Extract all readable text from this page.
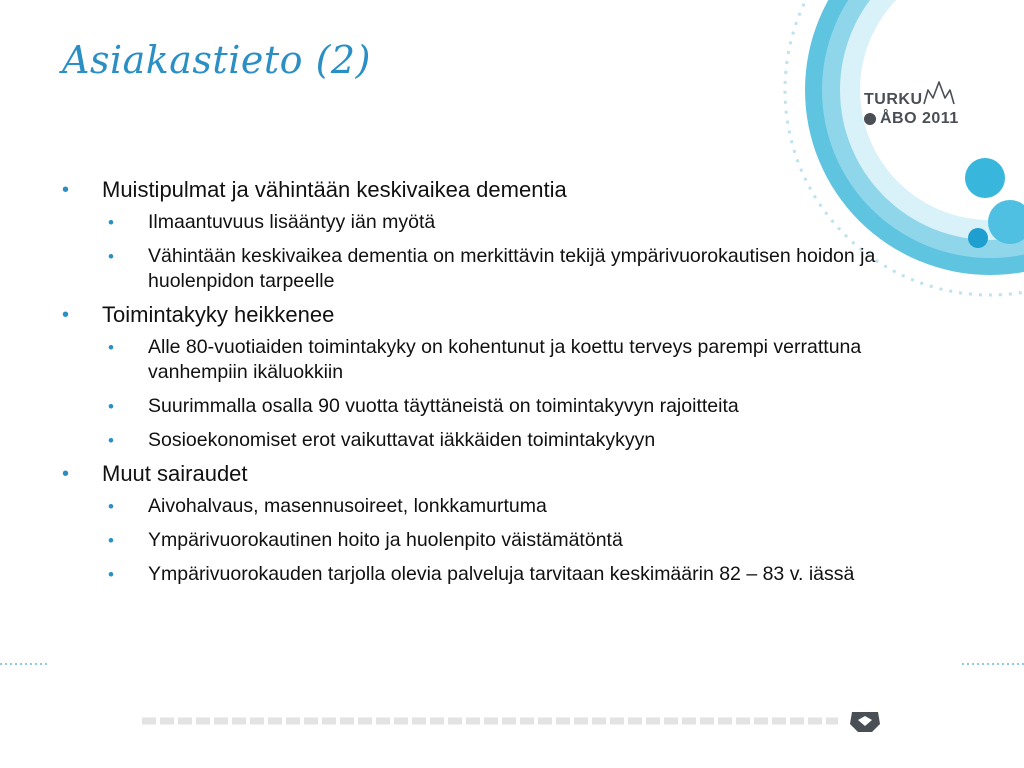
Asiakastieto (2)
TURKU
ÅBO 2011
• Muistipulmat ja vähintään keskivaikea dementia
• Ilmaantuvuus lisääntyy iän myötä
• Vähintään keskivaikea dementia on merkittävin tekijä ympärivuorokautisen hoidon ja huolenpidon tarpeelle
• Toimintakyky heikkenee
• Alle 80-vuotiaiden toimintakyky on kohentunut ja koettu terveys parempi verrattuna vanhempiin ikäluokkiin
• Suurimmalla osalla 90 vuotta täyttäneistä on toimintakyvyn rajoitteita
• Sosioekonomiset erot vaikuttavat iäkkäiden toimintakykyyn
• Muut sairaudet
• Aivohalvaus, masennusoireet, lonkkamurtuma
• Ympärivuorokautinen hoito ja huolenpito väistämätöntä
• Ympärivuorokauden tarjolla olevia palveluja tarvitaan keskimäärin 82 – 83 v. iässä
